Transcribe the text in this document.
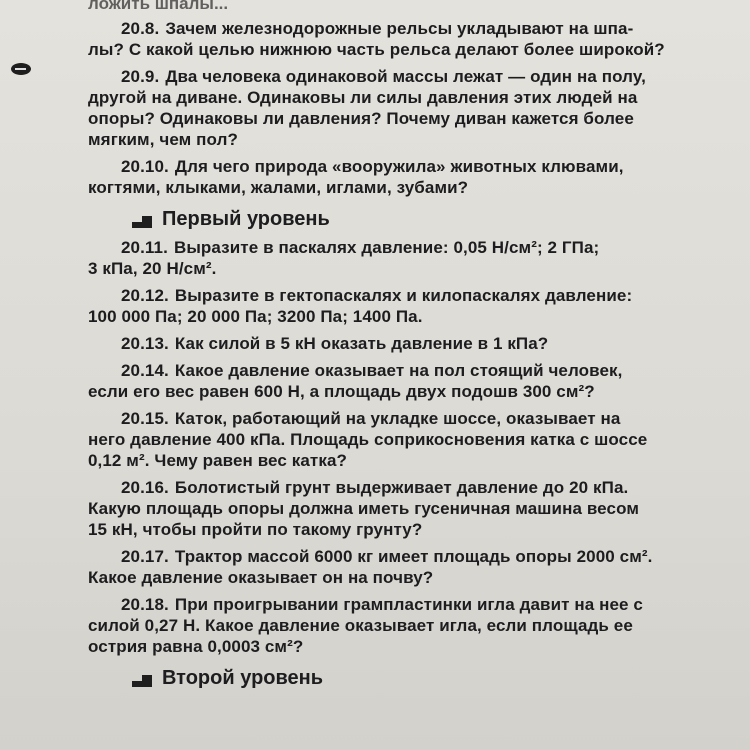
ложить шпалы...
20.8. Зачем железнодорожные рельсы укладывают на шпа-
лы? С какой целью нижнюю часть рельса делают более широкой?
20.9. Два человека одинаковой массы лежат — один на полу,
другой на диване. Одинаковы ли силы давления этих людей на
опоры? Одинаковы ли давления? Почему диван кажется более
мягким, чем пол?
20.10. Для чего природа «вооружила» животных клювами,
когтями, клыками, жалами, иглами, зубами?
Первый уровень
20.11. Выразите в паскалях давление: 0,05 Н/см²; 2 ГПа;
3 кПа, 20 Н/см².
20.12. Выразите в гектопаскалях и килопаскалях давление:
100 000 Па; 20 000 Па; 3200 Па; 1400 Па.
20.13. Как силой в 5 кН оказать давление в 1 кПа?
20.14. Какое давление оказывает на пол стоящий человек,
если его вес равен 600 Н, а площадь двух подошв 300 см²?
20.15. Каток, работающий на укладке шоссе, оказывает на
него давление 400 кПа. Площадь соприкосновения катка с шоссе
0,12 м². Чему равен вес катка?
20.16. Болотистый грунт выдерживает давление до 20 кПа.
Какую площадь опоры должна иметь гусеничная машина весом
15 кН, чтобы пройти по такому грунту?
20.17. Трактор массой 6000 кг имеет площадь опоры 2000 см².
Какое давление оказывает он на почву?
20.18. При проигрывании грампластинки игла давит на нее с
силой 0,27 Н. Какое давление оказывает игла, если площадь ее
острия равна 0,0003 см²?
Второй уровень
